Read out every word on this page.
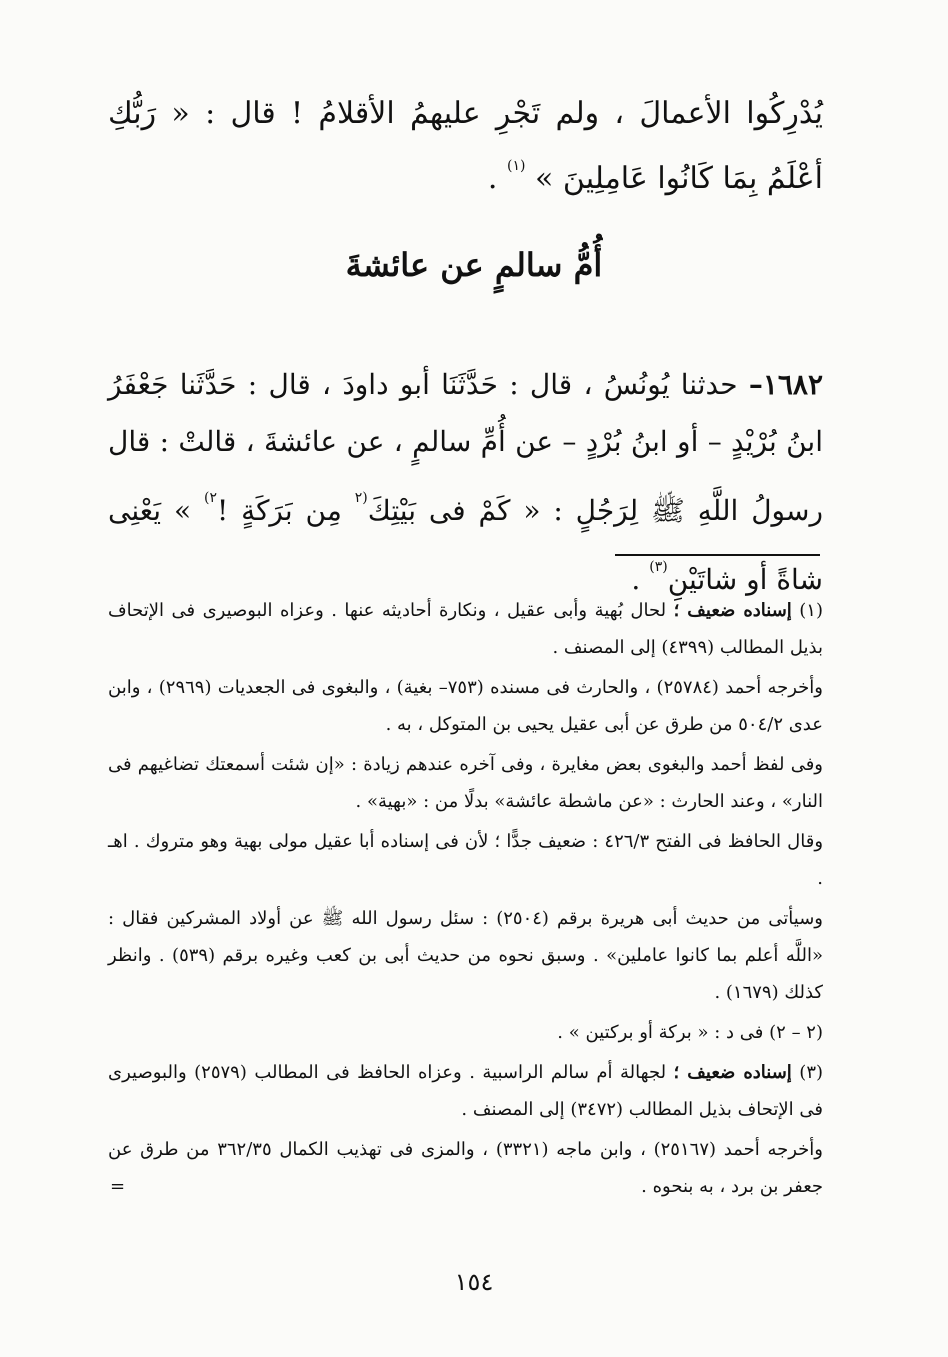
يُدْرِكُوا الأعمالَ ، ولم تَجْرِ عليهمُ الأقلامُ ! قال : « رَبُّكِ أعْلَمُ بِمَا كَانُوا عَامِلِينَ » $^{(١)}$ .
أُمُّ سالمٍ عن عائشةَ
١٦٨٢– حدثنا يُونُسُ ، قال : حَدَّثَنَا أبو داودَ ، قال : حَدَّثَنا جَعْفَرُ ابنُ بُرْيْدٍ – أو ابنُ بُرْدٍ – عن أُمِّ سالمٍ ، عن عائشةَ ، قالتْ : قال رسولُ اللَّهِ ﷺ لِرَجُلٍ : « كَمْ فى بَيْتِكَ$^{(٢}$ مِن بَرَكَةٍ !$^{٢)}$ » يَعْنِى شاةً أو شاتَيْنِ$^{(٣)}$ .

(١) إسناده ضعيف ؛ لحال بُهية وأبى عقيل ، ونكارة أحاديثه عنها . وعزاه البوصيرى فى الإتحاف بذيل المطالب (٤٣٩٩) إلى المصنف .

وأخرجه أحمد (٢٥٧٨٤) ، والحارث فى مسنده (٧٥٣– بغية) ، والبغوى فى الجعديات (٢٩٦٩) ، وابن عدى ٥٠٤/٢ من طرق عن أبى عقيل يحيى بن المتوكل ، به .

وفى لفظ أحمد والبغوى بعض مغايرة ، وفى آخره عندهم زيادة : «إن شئت أسمعتك تضاغيهم فى النار» ، وعند الحارث : «عن ماشطة عائشة» بدلًا من : «بهية» .

وقال الحافظ فى الفتح ٤٢٦/٣ : ضعيف جدًّا ؛ لأن فى إسناده أبا عقيل مولى بهية وهو متروك . اهـ .

وسيأتى من حديث أبى هريرة برقم (٢٥٠٤) : سئل رسول الله ﷺ عن أولاد المشركين فقال : «اللَّه أعلم بما كانوا عاملين» . وسبق نحوه من حديث أبى بن كعب وغيره برقم (٥٣٩) . وانظر كذلك (١٦٧٩) .

(٢ – ٢) فى د : « بركة أو بركتين » .

(٣) إسناده ضعيف ؛ لجهالة أم سالم الراسبية . وعزاه الحافظ فى المطالب (٢٥٧٩) والبوصيرى فى الإتحاف بذيل المطالب (٣٤٧٢) إلى المصنف .

وأخرجه أحمد (٢٥١٦٧) ، وابن ماجه (٣٣٢١) ، والمزى فى تهذيب الكمال ٣٦٢/٣٥ من طرق عن جعفر بن برد ، به بنحوه .

=
١٥٤
